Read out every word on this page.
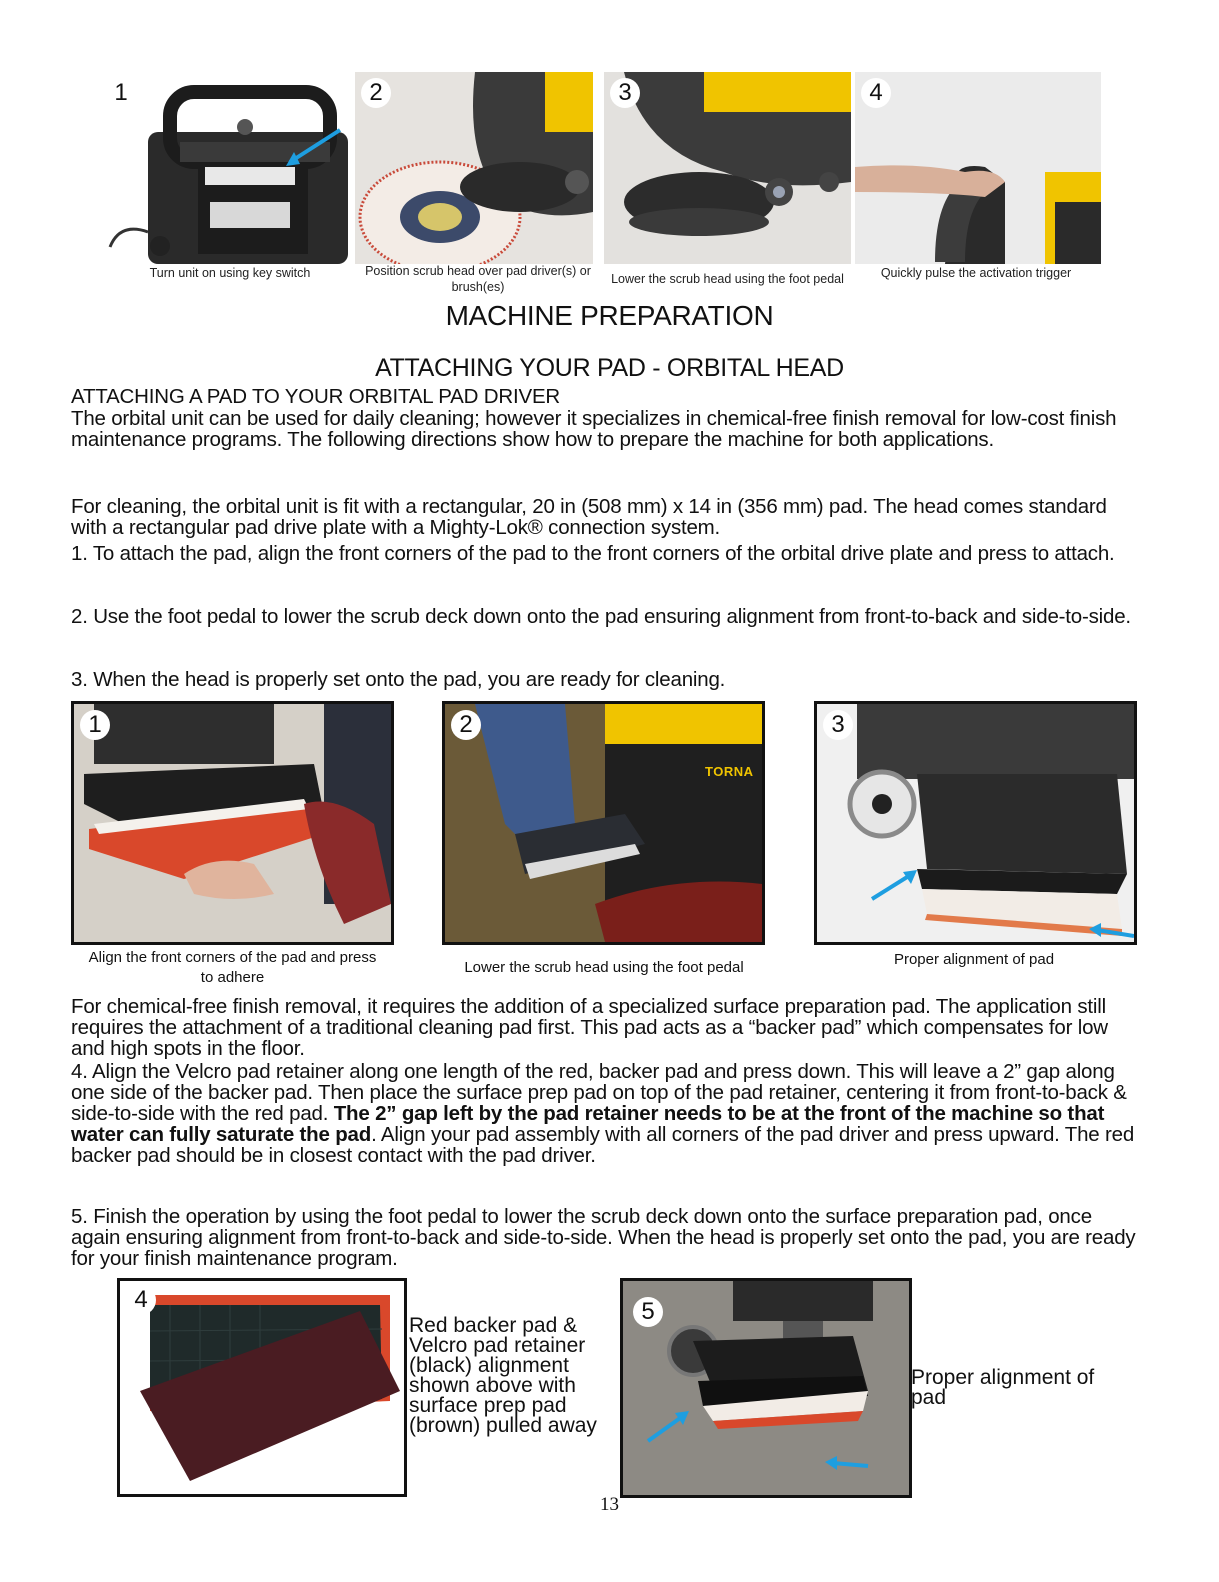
1	2	3	4
Turn unit on using key switch	Position scrub head over pad driver(s) or brush(es)
Lower the scrub head using the foot pedal	Quickly pulse the activation trigger
MACHINE PREPARATION
ATTACHING YOUR PAD - ORBITAL HEAD
ATTACHING A PAD TO YOUR ORBITAL PAD DRIVER
The orbital unit can be used for daily cleaning; however it specializes in chemical-free finish removal for low-cost finish maintenance programs. The following directions show how to prepare the machine for both applications.
For cleaning, the orbital unit is fit with a rectangular, 20 in (508 mm) x 14 in (356 mm) pad. The head comes standard with a rectangular pad drive plate with a Mighty-Lok® connection system.
1. To attach the pad, align the front corners of the pad to the front corners of the orbital drive plate and press to attach.
2. Use the foot pedal to lower the scrub deck down onto the pad ensuring alignment from front-to-back and side-to-side.
3. When the head is properly set onto the pad, you are ready for cleaning.
1
TORNA
2	3
Align the front corners of the pad and press to adhere
Lower the scrub head using the foot pedal	Proper alignment of pad
For chemical-free finish removal, it requires the addition of a specialized surface preparation pad. The application still requires the attachment of a traditional cleaning pad first. This pad acts as a “backer pad” which compensates for low and high spots in the floor.
4. Align the Velcro pad retainer along one length of the red, backer pad and press down. This will leave a 2” gap along one side of the backer pad. Then place the surface prep pad on top of the pad retainer, centering it from front-to-back & side-to-side with the red pad. The 2” gap left by the pad retainer needs to be at the front of the machine so that water can fully saturate the pad. Align your pad assembly with all corners of the pad driver and press upward. The red backer pad should be in closest contact with the pad driver.
5. Finish the operation by using the foot pedal to lower the scrub deck down onto the surface preparation pad, once again ensuring alignment from front-to-back and side-to-side. When the head is properly set onto the pad, you are ready for your finish maintenance program.
4
Red backer pad & Velcro pad retainer (black) alignment shown above with surface prep pad (brown) pulled away
5
Proper alignment of pad
13
